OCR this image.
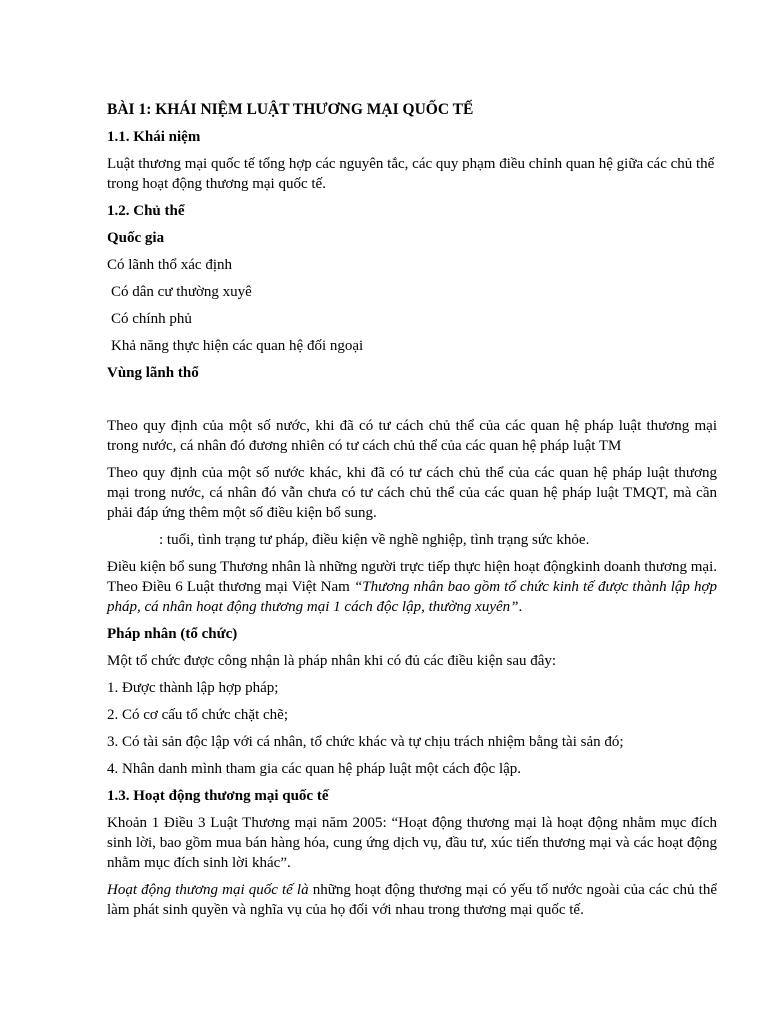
BÀI 1: KHÁI NIỆM LUẬT THƯƠNG MẠI QUỐC TẾ

1.1. Khái niệm

Luật thương mại quốc tế tổng hợp các nguyên tắc, các quy phạm điều chỉnh quan hệ giữa các chủ thể trong hoạt động thương mại quốc tế.

1.2. Chủ thể

Quốc gia

Có lãnh thổ xác định

Có dân cư thường xuyê

Có chính phủ

Khả năng thực hiện các quan hệ đối ngoại

Vùng lãnh thổ

Theo quy định của một số nước, khi đã có tư cách chủ thể của các quan hệ pháp luật thương mại trong nước, cá nhân đó đương nhiên có tư cách chủ thể của các quan hệ pháp luật TM

Theo quy định của một số nước khác, khi đã có tư cách chủ thể của các quan hệ pháp luật thương mại trong nước, cá nhân đó vẫn chưa có tư cách chủ thể của các quan hệ pháp luật TMQT, mà cần phải đáp ứng thêm một số điều kiện bổ sung.

: tuổi, tình trạng tư pháp, điều kiện về nghề nghiệp, tình trạng sức khỏe.

Điều kiện bổ sung Thương nhân là những người trực tiếp thực hiện hoạt độngkinh doanh thương mại. Theo Điều 6 Luật thương mại Việt Nam “Thương nhân bao gồm tổ chức kinh tế được thành lập hợp pháp, cá nhân hoạt động thương mại 1 cách độc lập, thường xuyên”.

Pháp nhân (tổ chức)

Một tổ chức được công nhận là pháp nhân khi có đủ các điều kiện sau đây:

1. Được thành lập hợp pháp;

2. Có cơ cấu tổ chức chặt chẽ;

3. Có tài sản độc lập với cá nhân, tổ chức khác và tự chịu trách nhiệm bằng tài sản đó;

4. Nhân danh mình tham gia các quan hệ pháp luật một cách độc lập.

1.3. Hoạt động thương mại quốc tế

Khoản 1 Điều 3 Luật Thương mại năm 2005: “Hoạt động thương mại là hoạt động nhằm mục đích sinh lời, bao gồm mua bán hàng hóa, cung ứng dịch vụ, đầu tư, xúc tiến thương mại và các hoạt động nhằm mục đích sinh lời khác”.

Hoạt động thương mại quốc tế là những hoạt động thương mại có yếu tố nước ngoài của các chủ thể làm phát sinh quyền và nghĩa vụ của họ đối với nhau trong thương mại quốc tế.
